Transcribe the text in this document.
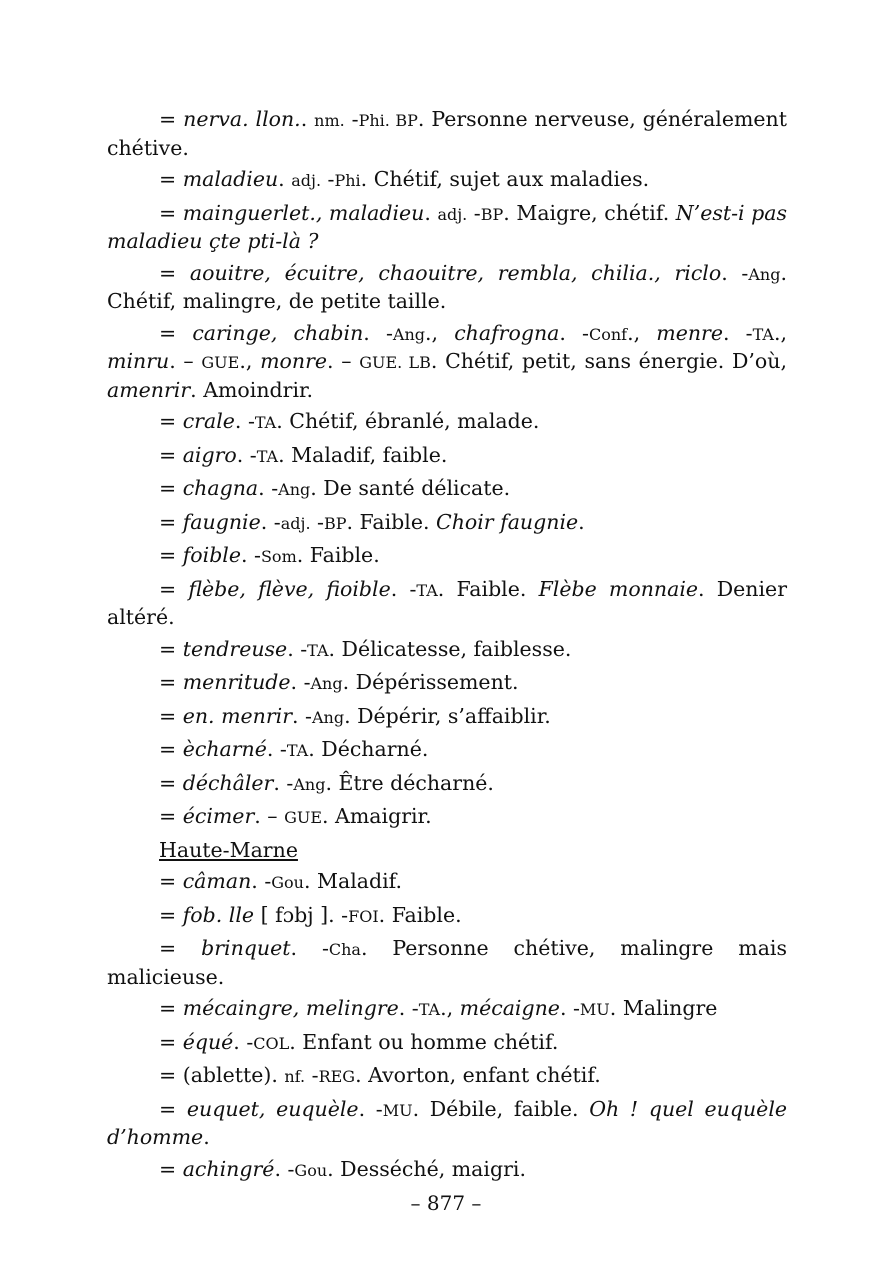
= nerva. llon.. nm. -Phi. BP. Personne nerveuse, généralement chétive.

= maladieu. adj. -Phi. Chétif, sujet aux maladies.

= mainguerlet., maladieu. adj. -BP. Maigre, chétif. N’est-i pas maladieu çte pti-là ?

= aouitre, écuitre, chaouitre, rembla, chilia., riclo. -Ang. Chétif, malingre, de petite taille.

= caringe, chabin. -Ang., chafrogna. -Conf., menre. -TA., minru. – GUE., monre. – GUE. LB. Chétif, petit, sans énergie. D’où, amenrir. Amoindrir.

= crale. -TA. Chétif, ébranlé, malade.

= aigro. -TA. Maladif, faible.

= chagna. -Ang. De santé délicate.

= faugnie. -adj. -BP. Faible. Choir faugnie.

= foible. -Som. Faible.

= flèbe, flève, fioible. -TA. Faible. Flèbe monnaie. Denier altéré.

= tendreuse. -TA. Délicatesse, faiblesse.

= menritude. -Ang. Dépérissement.

= en. menrir. -Ang. Dépérir, s’affaiblir.

= ècharné. -TA. Décharné.

= déchâler. -Ang. Être décharné.

= écimer. – GUE. Amaigrir.

Haute-Marne

= câman. -Gou. Maladif.

= fob. lle [ fɔbj ]. -FOI. Faible.

= brinquet. -Cha. Personne chétive, malingre mais malicieuse.

= mécaingre, melingre. -TA., mécaigne. -MU. Malingre

= équé. -COL. Enfant ou homme chétif.

= (ablette). nf. -REG. Avorton, enfant chétif.

= euquet, euquèle. -MU. Débile, faible. Oh ! quel euquèle d’homme.

= achingré. -Gou. Desséché, maigri.

– 877 –
